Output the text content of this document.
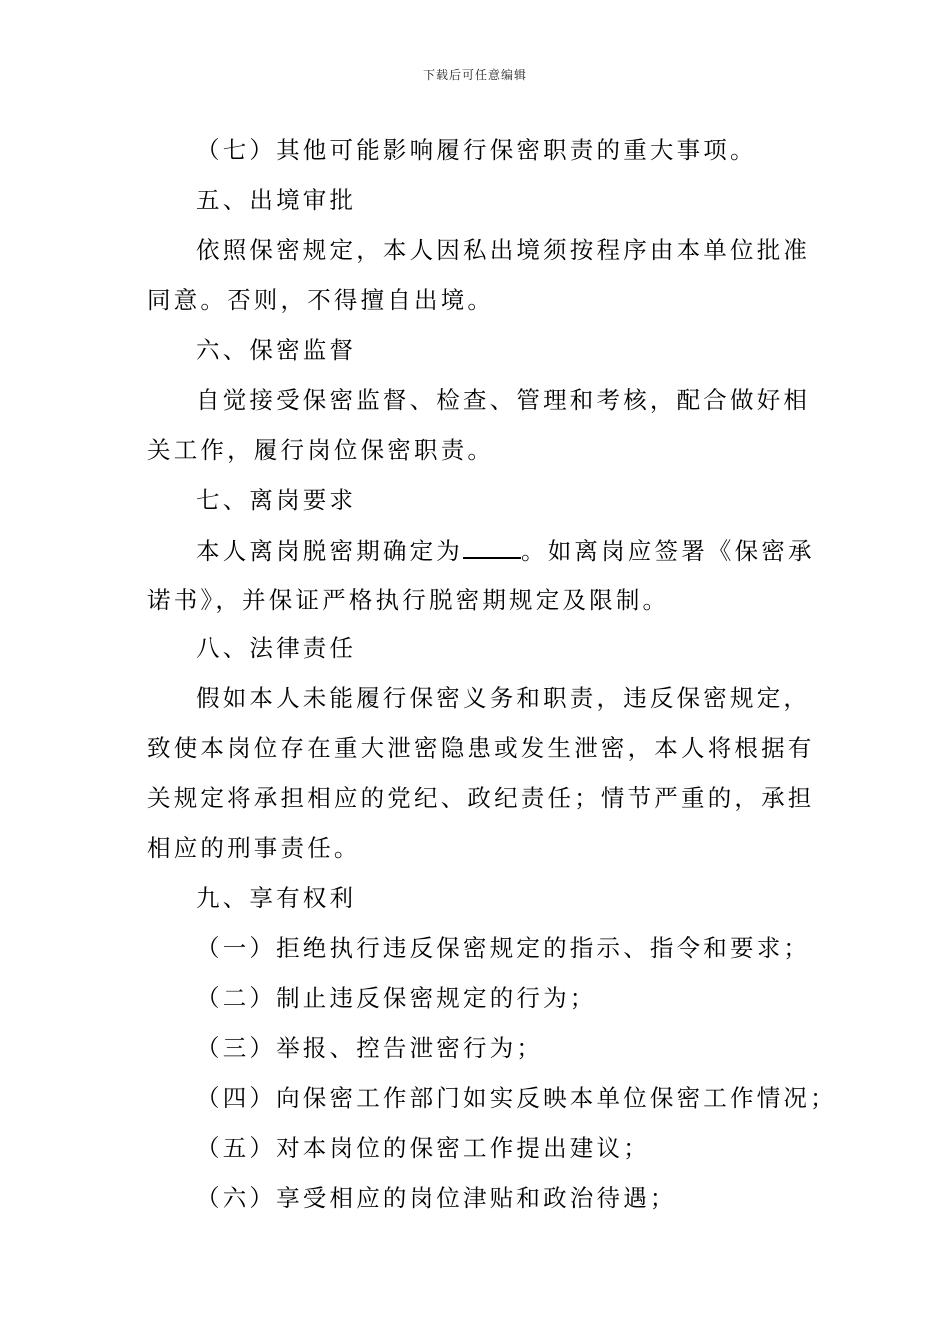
下载后可任意编辑
（七）其他可能影响履行保密职责的重大事项。
五、出境审批
依照保密规定，本人因私出境须按程序由本单位批准
同意。否则，不得擅自出境。
六、保密监督
自觉接受保密监督、检查、管理和考核，配合做好相
关工作，履行岗位保密职责。
七、离岗要求
本人离岗脱密期确定为 。如离岗应签署《保密承
诺书》，并保证严格执行脱密期规定及限制。
八、法律责任
假如本人未能履行保密义务和职责，违反保密规定，
致使本岗位存在重大泄密隐患或发生泄密，本人将根据有
关规定将承担相应的党纪、政纪责任；情节严重的，承担
相应的刑事责任。
九、享有权利
（一）拒绝执行违反保密规定的指示、指令和要求；
（二）制止违反保密规定的行为；
（三）举报、控告泄密行为；
（四）向保密工作部门如实反映本单位保密工作情况；
（五）对本岗位的保密工作提出建议；
（六）享受相应的岗位津贴和政治待遇；
